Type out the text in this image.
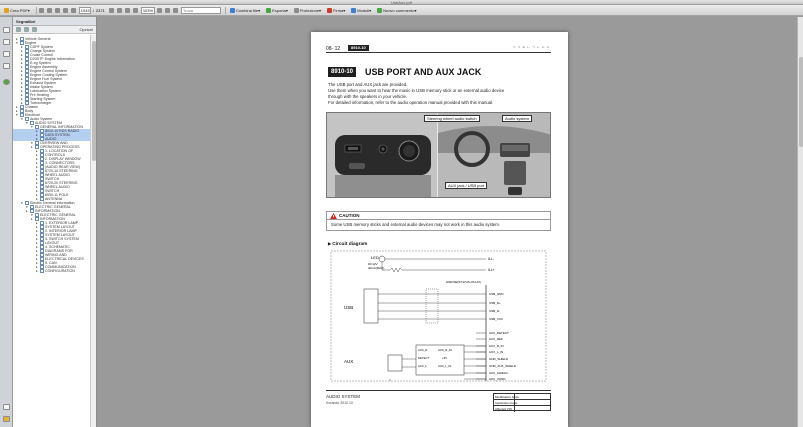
$^{UsbAux.pdf}$
Crea PDF ▾	1945 / 2371	103%
Trova	Combina file ▾	Esporta ▾	Protezione ▾	Firma ▾	Moduli ▾	Nuovo commento ▾
Segnalibri
Opzioni
▸ Vehicle General
▾ Engine
▸ CDPF System
▸ Charge System
▸ Cruise Control
▸ D20DTF Engine Information
▸ E-eg System
▸ Engine Assembly
▸ Engine Control System
▸ Engine Cooling System
▸ Engine Fuel System
▸ Exhaust System
▸ Intake System
▸ Lubrication System
▸ Pre Heating
▸ Starting System
▸ Turbocharger
▸ Chassis
▸ Body
▾ Electrical
▾ Audio System
▾ AUDIO SYSTEM
▾ GENERAL INFORMATION
▸ 8910-10 RDS RADIO
▸ DATA SYSTEM
▸ AUDIO
▾ OVERVIEW AND
▸ OPERATING PROCESS
▸ 1. LOCATION OF
▸ CONTROLS
▸ 2. DISPLAY WINDOW
▸ 3. CONNECTORS
▸ (AUDIO REAR VIEW)
▸ 8720-10 STEERING
▸ WHEEL AUDIO
▸ SWITCH
▸ 8720-20 STEERING
▸ WHEEL AUDIO
▸ SWITCH
▸ 8930-11 POLE
▸ ANTENNA
▾ Electric General Information
▾ ELECTRIC GENERAL
▸ INFORMATION
▾ ELECTRIC GENERAL
▸ INFORMATION
▸ 1. EXTERIOR LAMP
▸ SYSTEM LAYOUT
▸ 2. INTERIOR LAMP
▸ SYSTEM LAYOUT
▸ 3. SWITCH SYSTEM
▸ LAYOUT
▸ 4. SCHEMATIC
▸ DIAGRAMS FOR
▸ WIRING AND
▸ ELECTRICAL DEVICES
▸ 5. CAN
▸ COMMUNICATION
▸ CONFIGURATION
08- 12	8910-10	ᄀᄀᄋᄂᄀᄂᄃᄃ
8910-10	USB PORT AND AUX JACK
The USB port and AUX jack are provided.
Use them when you want to hear the music in USB memory stick or an external audio device
through with the speakers in your vehicle.
For detailed information, refer to the audio operation manual provided with this manual.
Steering wheel audio switch	Audio system
AUX jack / USB port
CAUTION
Some USB memory sticks and external audio devices may not work in this audio system.
▶ Circuit diagram
LED
DC12V
40mA(MAX)
ILL-
ILL+
HIROSE(ST17HS-4S-HU)
USB
AUX
AUX_R	AUX_R_IN
AUX_L	AUX_L_IN
DETECT	+5V
USB_GND
USB_D+
USB_D-
USB_VCC
AUX_DETECT
AUX_REF
AUX_R_IN
AUX_L_IN
GND_SHIELD
GND_AUX_SHIELD
AUX_SHIELD
AUX_VGND
AUDIO SYSTEM
Korando 2010.10
Modification basis
Application basis
Affected VIN
